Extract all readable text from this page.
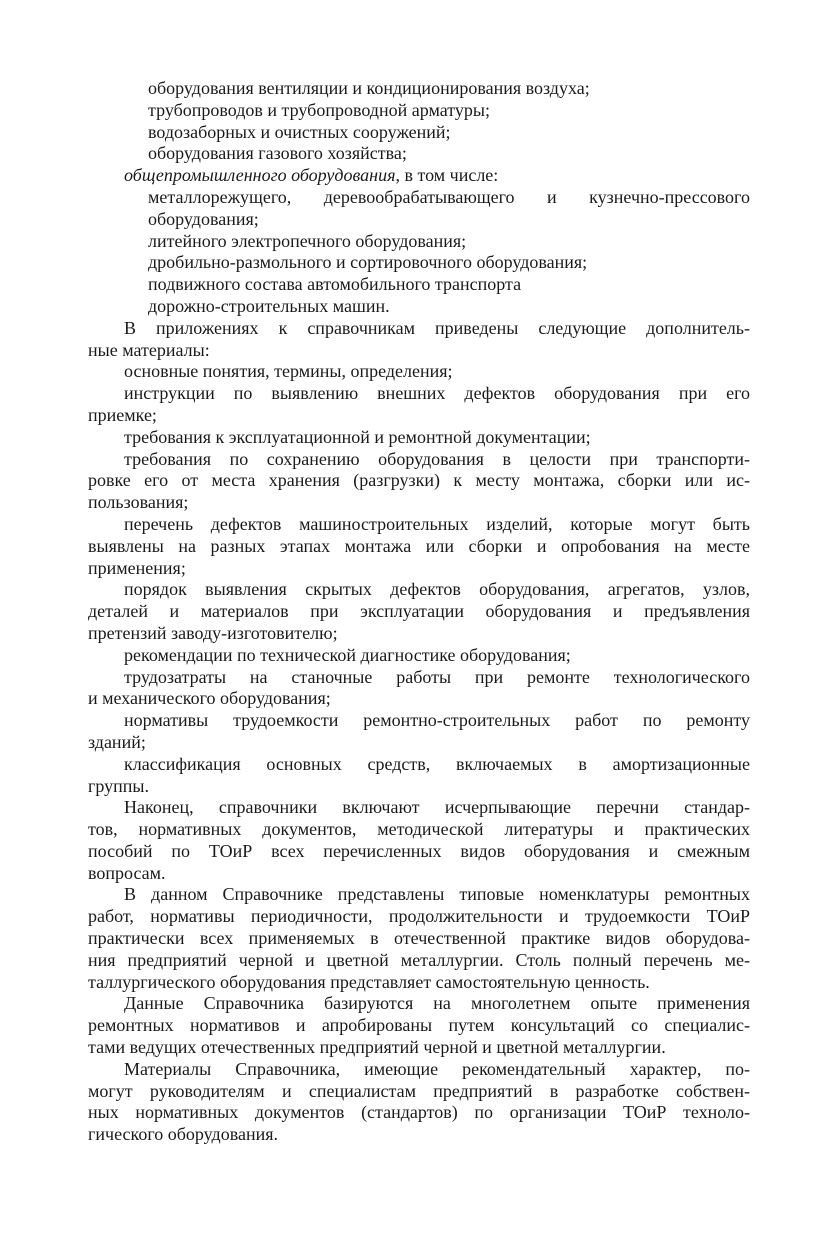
оборудования вентиляции и кондиционирования воздуха;
трубопроводов и трубопроводной арматуры;
водозаборных и очистных сооружений;
оборудования газового хозяйства;
общепромышленного оборудования, в том числе:
металлорежущего, деревообрабатывающего и кузнечно-прессового
оборудования;
литейного электропечного оборудования;
дробильно-размольного и сортировочного оборудования;
подвижного состава автомобильного транспорта
дорожно-строительных машин.
В приложениях к справочникам приведены следующие дополнитель-
ные материалы:
основные понятия, термины, определения;
инструкции по выявлению внешних дефектов оборудования при его
приемке;
требования к эксплуатационной и ремонтной документации;
требования по сохранению оборудования в целости при транспорти-
ровке его от места хранения (разгрузки) к месту монтажа, сборки или ис-
пользования;
перечень дефектов машиностроительных изделий, которые могут быть
выявлены на разных этапах монтажа или сборки и опробования на месте
применения;
порядок выявления скрытых дефектов оборудования, агрегатов, узлов,
деталей и материалов при эксплуатации оборудования и предъявления
претензий заводу-изготовителю;
рекомендации по технической диагностике оборудования;
трудозатраты на станочные работы при ремонте технологического
и механического оборудования;
нормативы трудоемкости ремонтно-строительных работ по ремонту
зданий;
классификация основных средств, включаемых в амортизационные
группы.
Наконец, справочники включают исчерпывающие перечни стандар-
тов, нормативных документов, методической литературы и практических
пособий по ТОиР всех перечисленных видов оборудования и смежным
вопросам.
В данном Справочнике представлены типовые номенклатуры ремонтных
работ, нормативы периодичности, продолжительности и трудоемкости ТОиР
практически всех применяемых в отечественной практике видов оборудова-
ния предприятий черной и цветной металлургии. Столь полный перечень ме-
таллургического оборудования представляет самостоятельную ценность.
Данные Справочника базируются на многолетнем опыте применения
ремонтных нормативов и апробированы путем консультаций со специалис-
тами ведущих отечественных предприятий черной и цветной металлургии.
Материалы Справочника, имеющие рекомендательный характер, по-
могут руководителям и специалистам предприятий в разработке собствен-
ных нормативных документов (стандартов) по организации ТОиР техноло-
гического оборудования.
